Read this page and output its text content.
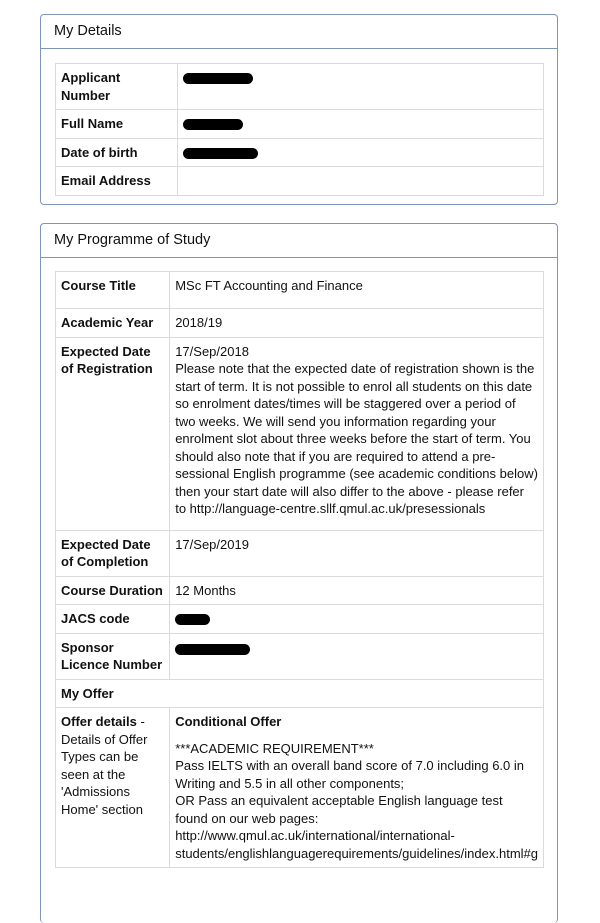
My Details
Applicant Number	
Full Name	
Date of birth	
Email Address	
My Programme of Study
Course Title	MSc FT Accounting and Finance
Academic Year	2018/19
Expected Date of Registration	17/Sep/2018
Please note that the expected date of registration shown is the start of term. It is not possible to enrol all students on this date so enrolment dates/times will be staggered over a period of two weeks. We will send you information regarding your enrolment slot about three weeks before the start of term. You should also note that if you are required to attend a pre-sessional English programme (see academic conditions below) then your start date will also differ to the above - please refer to http://language-centre.sllf.qmul.ac.uk/presessionals

Expected Date of Completion	17/Sep/2019
Course Duration	12 Months
JACS code	
Sponsor Licence Number	
My Offer	
Offer details - Details of Offer Types can be seen at the 'Admissions Home' section	Conditional Offer
***ACADEMIC REQUIREMENT***
Pass IELTS with an overall band score of 7.0 including 6.0 in Writing and 5.5 in all other components;
OR Pass an equivalent acceptable English language test found on our web pages:
http://www.qmul.ac.uk/international/international-students/englishlanguagerequirements/guidelines/index.html#g
